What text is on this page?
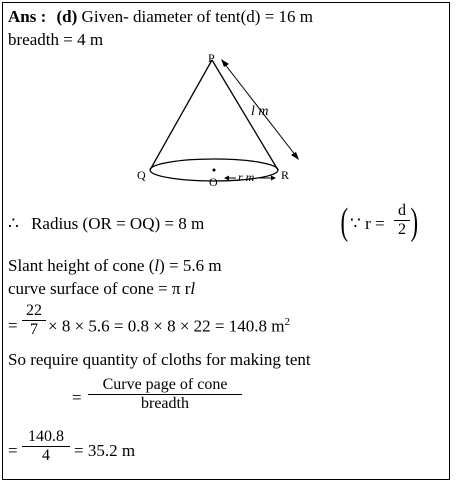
Ans : (d) Given- diameter of tent(d) = 16 m
breadth = 4 m
P
Q	R
O r m
l m
∴ Radius (OR = OQ) = 8 m	( ∵ r =
d
2 )
Slant height of cone (l) = 5.6 m
curve surface of cone = π rl
=
22
7 × 8 × 5.6 = 0.8 × 8 × 22 = 140.8 $m^2$
So require quantity of cloths for making tent
=
Curve page of cone
breadth
=
140.8
4	= 35.2 m
